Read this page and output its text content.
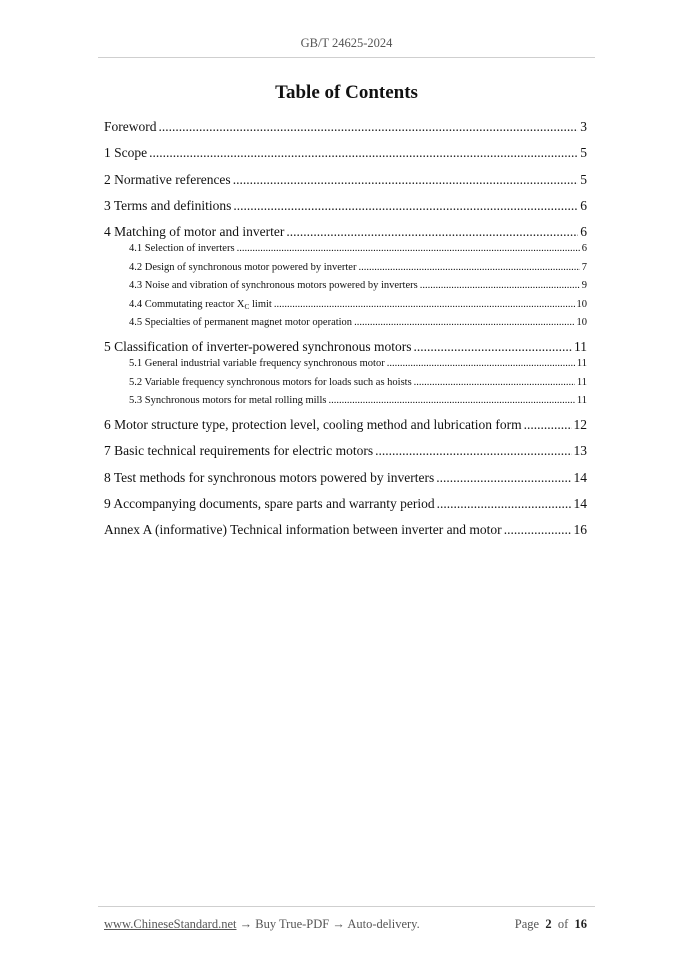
GB/T 24625-2024
Table of Contents
Foreword .....	3
1 Scope .....	5
2 Normative references .....	5
3 Terms and definitions .....	6
4 Matching of motor and inverter .....	6
4.1 Selection of inverters .....	6
4.2 Design of synchronous motor powered by inverter .....	7
4.3 Noise and vibration of synchronous motors powered by inverters .....	9
4.4 Commutating reactor $X_C$ limit .....	10
4.5 Specialties of permanent magnet motor operation .....	10
5 Classification of inverter-powered synchronous motors .....	11
5.1 General industrial variable frequency synchronous motor .....	11
5.2 Variable frequency synchronous motors for loads such as hoists .....	11
5.3 Synchronous motors for metal rolling mills .....	11
6 Motor structure type, protection level, cooling method and lubrication form .....	12
7 Basic technical requirements for electric motors .....	13
8 Test methods for synchronous motors powered by inverters .....	14
9 Accompanying documents, spare parts and warranty period .....	14
Annex A (informative) Technical information between inverter and motor .....	16
www.ChineseStandard.net → Buy True-PDF → Auto-delivery.	Page 2 of 16
